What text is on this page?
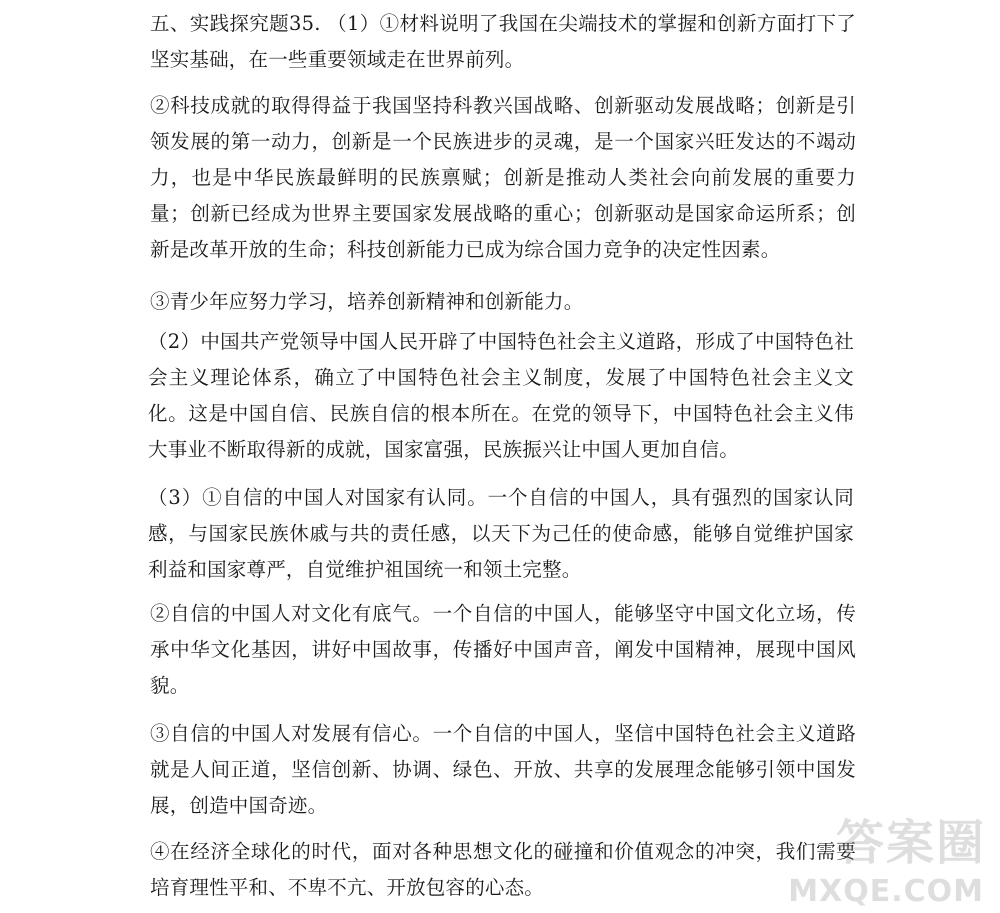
五、实践探究题35. （1）①材料说明了我国在尖端技术的掌握和创新方面打下了坚实基础，在一些重要领域走在世界前列。

②科技成就的取得得益于我国坚持科教兴国战略、创新驱动发展战略；创新是引领发展的第一动力，创新是一个民族进步的灵魂，是一个国家兴旺发达的不竭动力，也是中华民族最鲜明的民族禀赋；创新是推动人类社会向前发展的重要力量；创新已经成为世界主要国家发展战略的重心；创新驱动是国家命运所系；创新是改革开放的生命；科技创新能力已成为综合国力竞争的决定性因素。

③青少年应努力学习，培养创新精神和创新能力。

（2）中国共产党领导中国人民开辟了中国特色社会主义道路，形成了中国特色社会主义理论体系，确立了中国特色社会主义制度，发展了中国特色社会主义文化。这是中国自信、民族自信的根本所在。在党的领导下，中国特色社会主义伟大事业不断取得新的成就，国家富强，民族振兴让中国人更加自信。

（3）①自信的中国人对国家有认同。一个自信的中国人，具有强烈的国家认同感，与国家民族休戚与共的责任感，以天下为己任的使命感，能够自觉维护国家利益和国家尊严，自觉维护祖国统一和领土完整。

②自信的中国人对文化有底气。一个自信的中国人，能够坚守中国文化立场，传承中华文化基因，讲好中国故事，传播好中国声音，阐发中国精神，展现中国风貌。

③自信的中国人对发展有信心。一个自信的中国人，坚信中国特色社会主义道路就是人间正道，坚信创新、协调、绿色、开放、共享的发展理念能够引领中国发展，创造中国奇迹。

④在经济全球化的时代，面对各种思想文化的碰撞和价值观念的冲突，我们需要培育理性平和、不卑不亢、开放包容的心态。

答案圈
MXQE.COM
